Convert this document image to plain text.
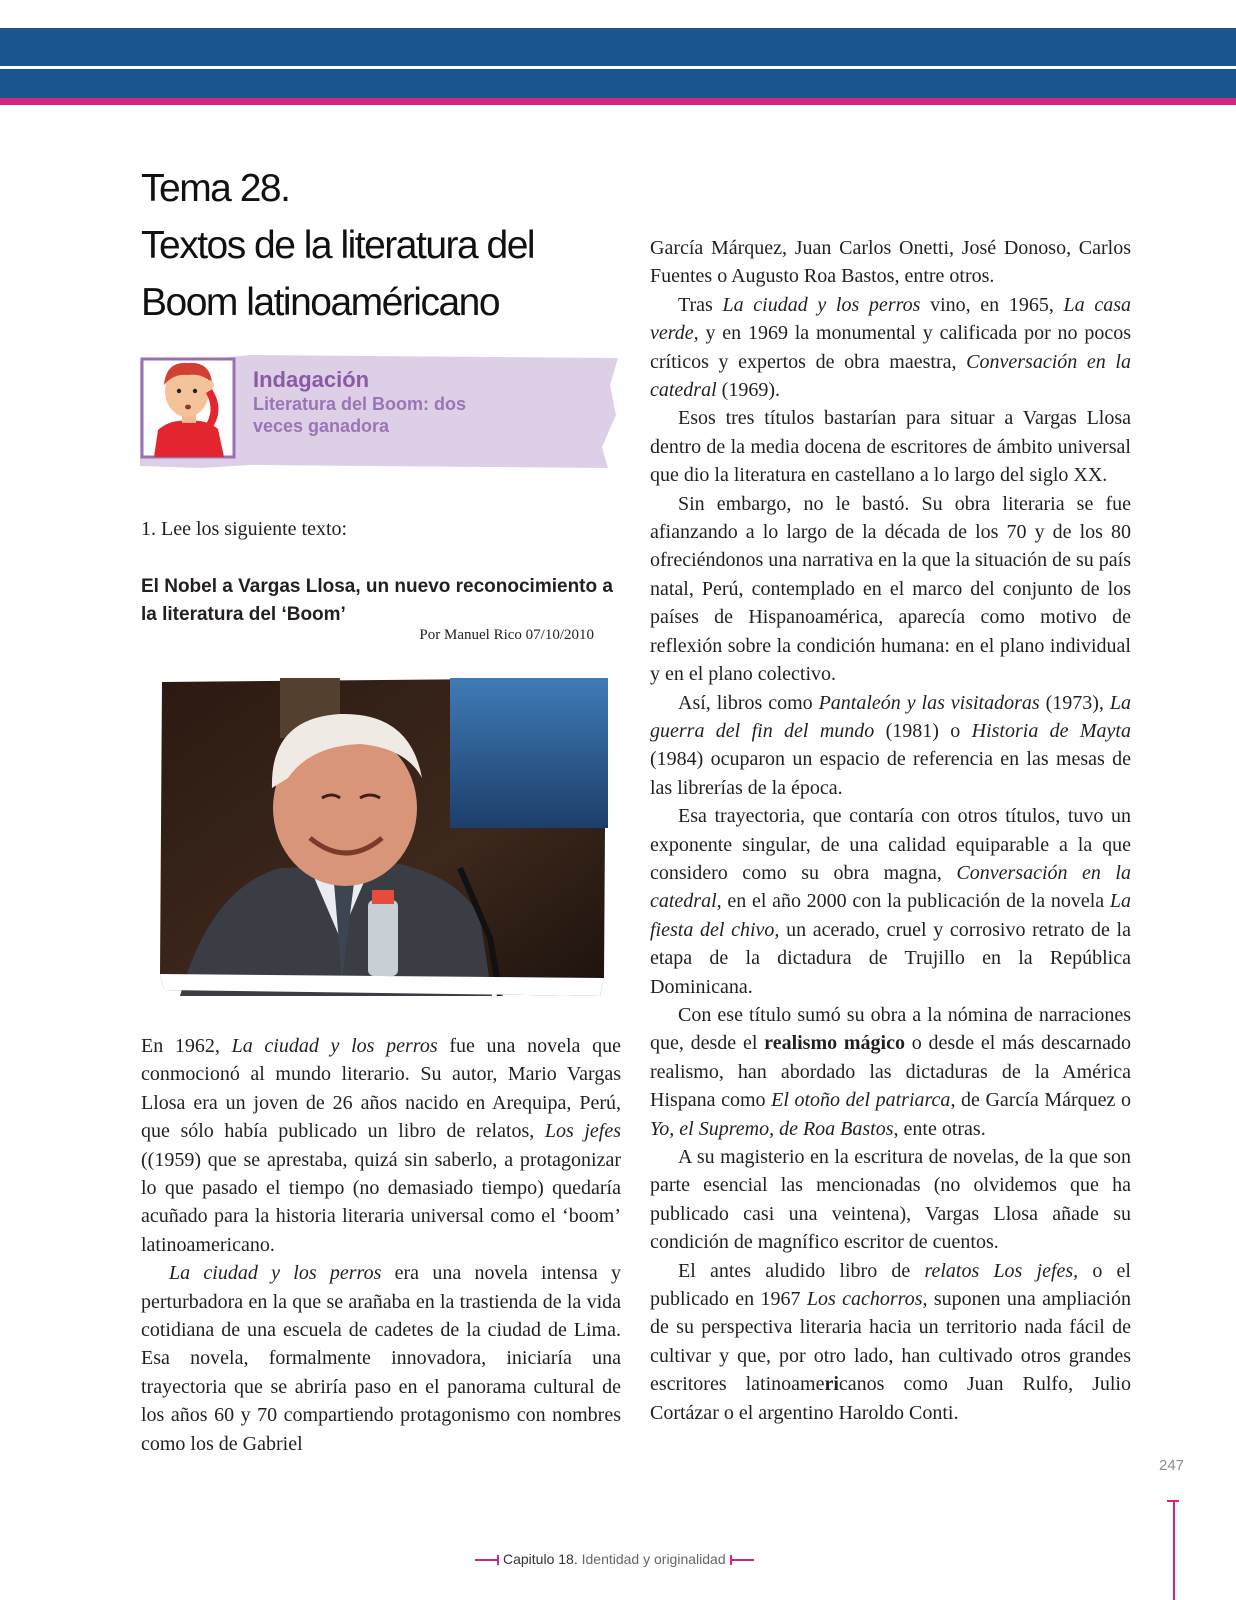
Tema 28.
Textos de la literatura del
Boom latinoaméricano
Indagación
Literatura del Boom: dos veces ganadora
1. Lee los siguiente texto:
El Nobel a Vargas Llosa, un nuevo reconocimiento a la literatura del ‘Boom’
Por Manuel Rico 07/10/2010

En 1962, La ciudad y los perros fue una novela que conmocionó al mundo literario. Su autor, Mario Vargas Llosa era un joven de 26 años nacido en Arequipa, Perú, que sólo había publicado un libro de relatos, Los jefes ((1959) que se aprestaba, quizá sin saberlo, a protagonizar lo que pasado el tiempo (no demasiado tiempo) quedaría acuñado para la historia literaria universal como el ‘boom’ latinoamericano.

La ciudad y los perros era una novela intensa y perturbadora en la que se arañaba en la trastienda de la vida cotidiana de una escuela de cadetes de la ciudad de Lima. Esa novela, formalmente innovadora, iniciaría una trayectoria que se abriría paso en el panorama cultural de los años 60 y 70 compartiendo protagonismo con nombres como los de Gabriel

García Márquez, Juan Carlos Onetti, José Donoso, Carlos Fuentes o Augusto Roa Bastos, entre otros.

Tras La ciudad y los perros vino, en 1965, La casa verde, y en 1969 la monumental y calificada por no pocos críticos y expertos de obra maestra, Conversación en la catedral (1969).

Esos tres títulos bastarían para situar a Vargas Llosa dentro de la media docena de escritores de ámbito universal que dio la literatura en castellano a lo largo del siglo XX.

Sin embargo, no le bastó. Su obra literaria se fue afianzando a lo largo de la década de los 70 y de los 80 ofreciéndonos una narrativa en la que la situación de su país natal, Perú, contemplado en el marco del conjunto de los países de Hispanoamérica, aparecía como motivo de reflexión sobre la condición humana: en el plano individual y en el plano colectivo.

Así, libros como Pantaleón y las visitadoras (1973), La guerra del fin del mundo (1981) o Historia de Mayta (1984) ocuparon un espacio de referencia en las mesas de las librerías de la época.

Esa trayectoria, que contaría con otros títulos, tuvo un exponente singular, de una calidad equiparable a la que considero como su obra magna, Conversación en la catedral, en el año 2000 con la publicación de la novela La fiesta del chivo, un acerado, cruel y corrosivo retrato de la etapa de la dictadura de Trujillo en la República Dominicana.

Con ese título sumó su obra a la nómina de narraciones que, desde el realismo mágico o desde el más descarnado realismo, han abordado las dictaduras de la América Hispana como El otoño del patriarca, de García Márquez o Yo, el Supremo, de Roa Bastos, ente otras.

A su magisterio en la escritura de novelas, de la que son parte esencial las mencionadas (no olvidemos que ha publicado casi una veintena), Vargas Llosa añade su condición de magnífico escritor de cuentos.

El antes aludido libro de relatos Los jefes, o el publicado en 1967 Los cachorros, suponen una ampliación de su perspectiva literaria hacia un territorio nada fácil de cultivar y que, por otro lado, han cultivado otros grandes escritores latinoamericanos como Juan Rulfo, Julio Cortázar o el argentino Haroldo Conti.

247
Capitulo 18. Identidad y originalidad
